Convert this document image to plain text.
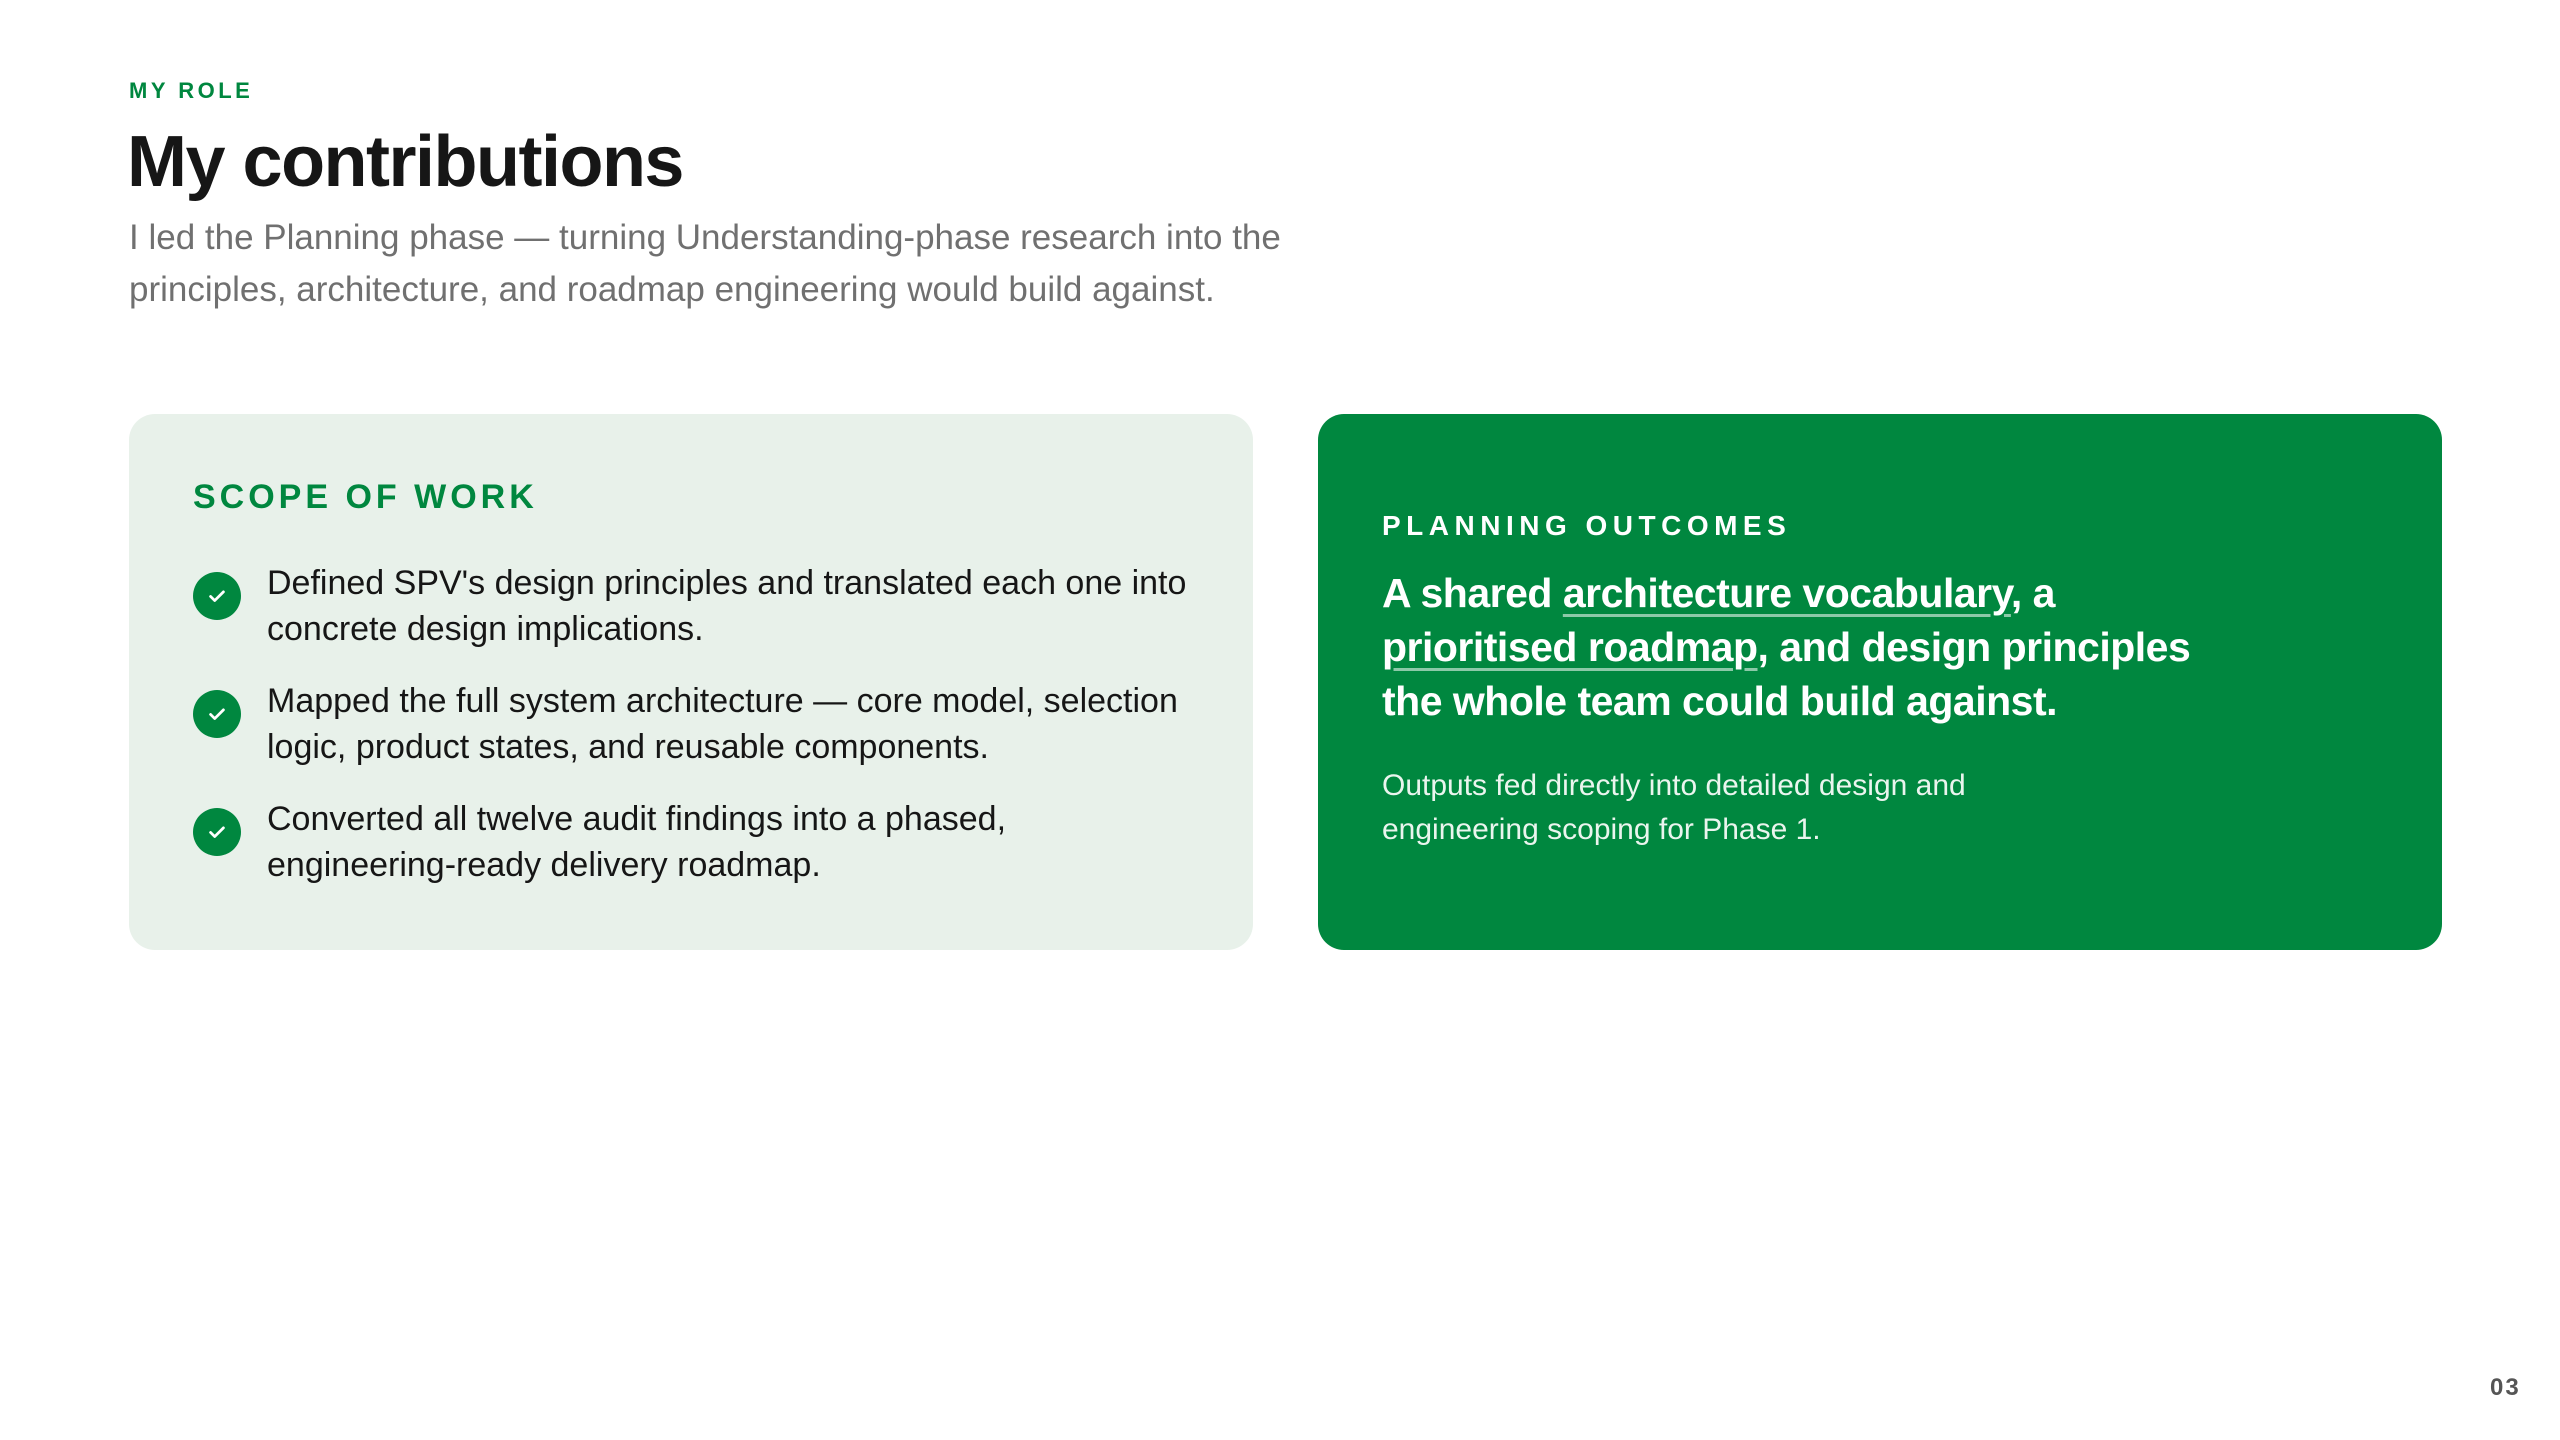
MY ROLE
My contributions

I led the Planning phase — turning Understanding-phase research into the principles, architecture, and roadmap engineering would build against.

SCOPE OF WORK
Defined SPV's design principles and translated each one into concrete design implications.
Mapped the full system architecture — core model, selection logic, product states, and reusable components.
Converted all twelve audit findings into a phased, engineering-ready delivery roadmap.
PLANNING OUTCOMES

A shared architecture vocabulary, a prioritised roadmap, and design principles the whole team could build against.

Outputs fed directly into detailed design and engineering scoping for Phase 1.

03
